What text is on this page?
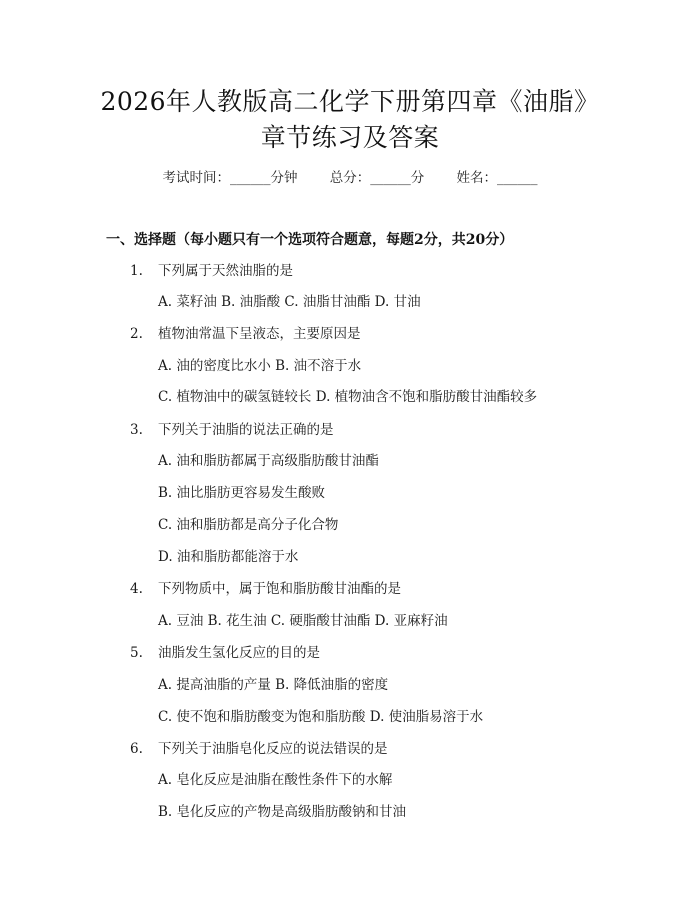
2026年人教版高二化学下册第四章《油脂》
章节练习及答案
考试时间：______分钟 总分：______分 姓名：______
一、选择题（每小题只有一个选项符合题意，每题2分，共20分）
1. 下列属于天然油脂的是
A. 菜籽油 B. 油脂酸 C. 油脂甘油酯 D. 甘油
2. 植物油常温下呈液态，主要原因是
A. 油的密度比水小 B. 油不溶于水
C. 植物油中的碳氢链较长 D. 植物油含不饱和脂肪酸甘油酯较多
3. 下列关于油脂的说法正确的是
A. 油和脂肪都属于高级脂肪酸甘油酯
B. 油比脂肪更容易发生酸败
C. 油和脂肪都是高分子化合物
D. 油和脂肪都能溶于水
4. 下列物质中，属于饱和脂肪酸甘油酯的是
A. 豆油 B. 花生油 C. 硬脂酸甘油酯 D. 亚麻籽油
5. 油脂发生氢化反应的目的是
A. 提高油脂的产量 B. 降低油脂的密度
C. 使不饱和脂肪酸变为饱和脂肪酸 D. 使油脂易溶于水
6. 下列关于油脂皂化反应的说法错误的是
A. 皂化反应是油脂在酸性条件下的水解
B. 皂化反应的产物是高级脂肪酸钠和甘油
